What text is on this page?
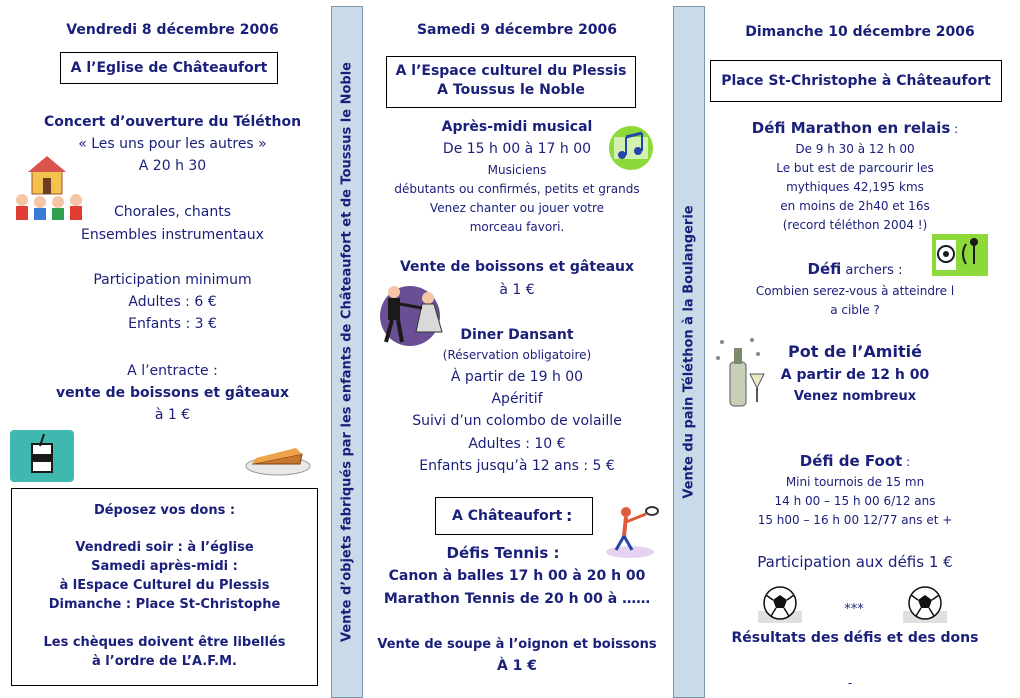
Vendredi 8 décembre 2006
A l’Eglise de Châteaufort
Concert d’ouverture du Téléthon
« Les uns pour les autres »
A 20 h 30
Chorales, chants
Ensembles instrumentaux
Participation minimum
Adultes : 6 €
Enfants : 3 €
A l’entracte :
vente de boissons et gâteaux
à 1 €
Déposez vos dons :
Vendredi soir : à l’église
Samedi après-midi :
à lEspace Culturel du Plessis
Dimanche : Place St-Christophe
Les chèques doivent être libellés
à l’ordre de L’A.F.M.
Vente d’objets fabriqués par les enfants de Châteaufort et de Toussus le Noble
Samedi 9 décembre 2006
A l’Espace culturel du Plessis
A Toussus le Noble
Après-midi musical
De 15 h 00 à 17 h 00
Musiciens
débutants ou confirmés, petits et grands
Venez chanter ou jouer votre
morceau favori.
Vente de boissons et gâteaux
à 1 €
Diner Dansant
(Réservation obligatoire)
À partir de 19 h 00
Apéritif
Suivi d’un colombo de volaille
Adultes : 10 €
Enfants jusqu’à 12 ans : 5 €
A Châteaufort :
Défis Tennis :
Canon à balles 17 h 00 à 20 h 00
Marathon Tennis de 20 h 00 à ……
Vente de soupe à l’oignon et boissons
À 1 €
Vente du pain Téléthon à la Boulangerie
Dimanche 10 décembre 2006
Place St-Christophe à Châteaufort
Défi Marathon en relais :
De 9 h 30 à 12 h 00
Le but est de parcourir les
mythiques 42,195 kms
en moins de 2h40 et 16s
(record téléthon 2004 !)
Défi archers :
Combien serez-vous à atteindre l
a cible ?
Pot de l’Amitié
A partir de 12 h 00
Venez nombreux
Défi de Foot :
Mini tournois de 15 mn
14 h 00 – 15 h 00 6/12 ans
15 h00 – 16 h 00 12/77 ans et +
Participation aux défis 1 €
***
Résultats des défis et des dons
-
